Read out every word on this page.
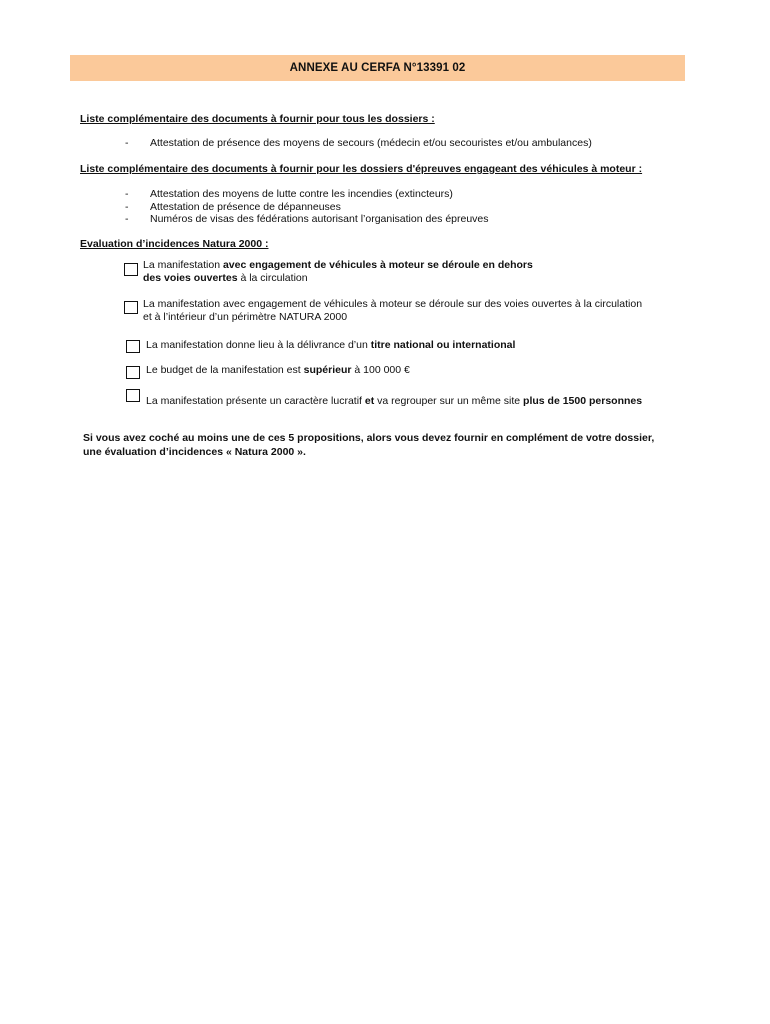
ANNEXE AU CERFA N°13391 02
Liste complémentaire des documents à fournir pour tous les dossiers :
-	Attestation de présence des moyens de secours (médecin et/ou secouristes et/ou ambulances)
Liste complémentaire des documents à fournir pour les dossiers d'épreuves engageant des véhicules à moteur :
-	Attestation des moyens de lutte contre les incendies (extincteurs)
-	Attestation de présence de dépanneuses
-	Numéros de visas des fédérations autorisant l’organisation des épreuves
Evaluation d’incidences Natura 2000 :
La manifestation avec engagement de véhicules à moteur se déroule en dehors
des voies ouvertes à la circulation
La manifestation avec engagement de véhicules à moteur se déroule sur des voies ouvertes à la circulation
et à l’intérieur d’un périmètre NATURA 2000
La manifestation donne lieu à la délivrance d’un titre national ou international
Le budget de la manifestation est supérieur à 100 000 €
La manifestation présente un caractère lucratif et va regrouper sur un même site plus de 1500 personnes
Si vous avez coché au moins une de ces 5 propositions, alors vous devez fournir en complément de votre dossier,
une évaluation d’incidences « Natura 2000 ».
